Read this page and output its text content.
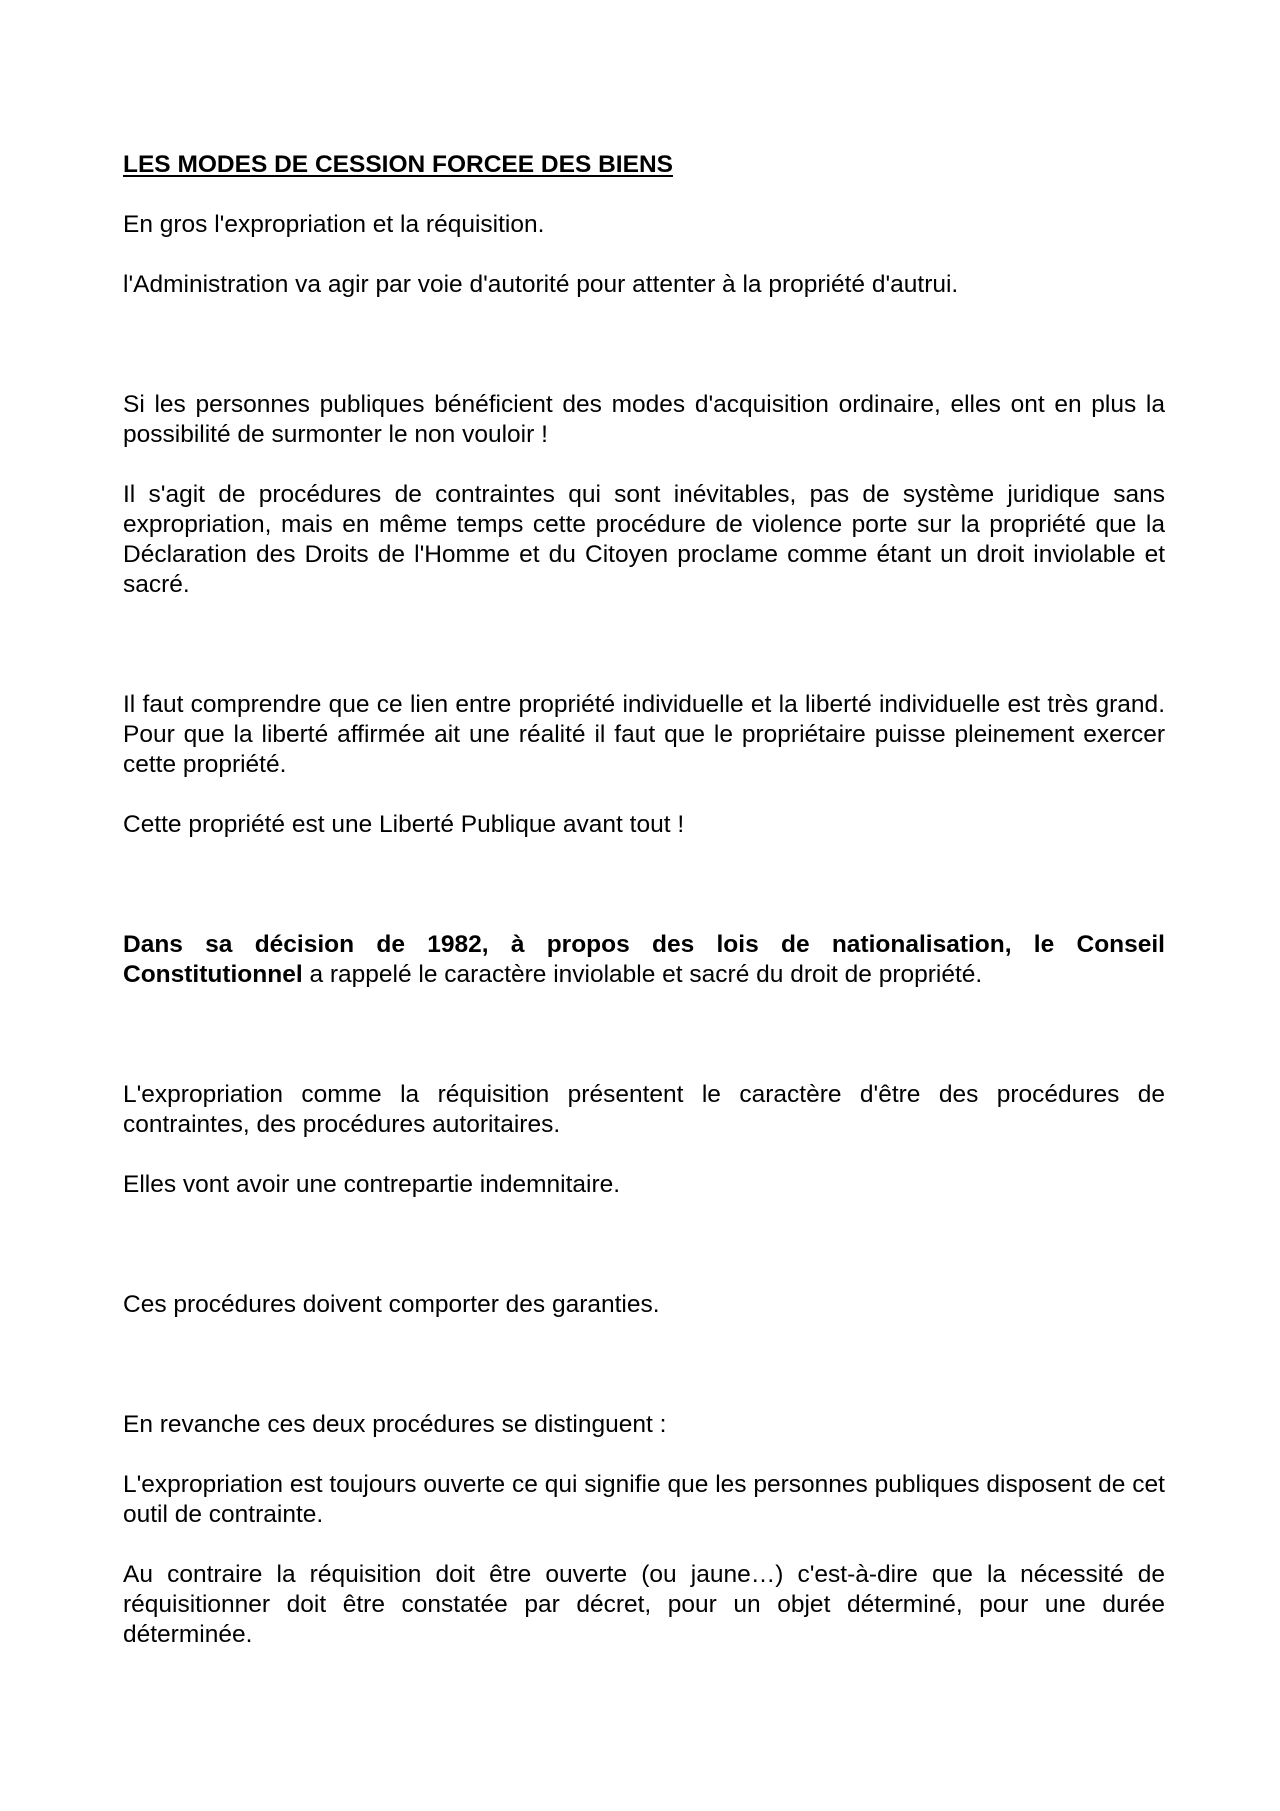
LES MODES DE CESSION FORCEE DES BIENS

En gros l'expropriation et la réquisition.

l'Administration va agir par voie d'autorité pour attenter à la propriété d'autrui.

Si les personnes publiques bénéficient des modes d'acquisition ordinaire, elles ont en plus la possibilité de surmonter le non vouloir !

Il s'agit de procédures de contraintes qui sont inévitables, pas de système juridique sans expropriation, mais en même temps cette procédure de violence porte sur la propriété que la Déclaration des Droits de l'Homme et du Citoyen proclame comme étant un droit inviolable et sacré.

Il faut comprendre que ce lien entre propriété individuelle et la liberté individuelle est très grand. Pour que la liberté affirmée ait une réalité il faut que le propriétaire puisse pleinement exercer cette propriété.

Cette propriété est une Liberté Publique avant tout !

Dans sa décision de 1982, à propos des lois de nationalisation, le Conseil Constitutionnel a rappelé le caractère inviolable et sacré du droit de propriété.

L'expropriation comme la réquisition présentent le caractère d'être des procédures de contraintes, des procédures autoritaires.

Elles vont avoir une contrepartie indemnitaire.

Ces procédures doivent comporter des garanties.

En revanche ces deux procédures se distinguent :

L'expropriation est toujours ouverte ce qui signifie que les personnes publiques disposent de cet outil de contrainte.

Au contraire la réquisition doit être ouverte (ou jaune…) c'est-à-dire que la nécessité de réquisitionner doit être constatée par décret, pour un objet déterminé, pour une durée déterminée.
